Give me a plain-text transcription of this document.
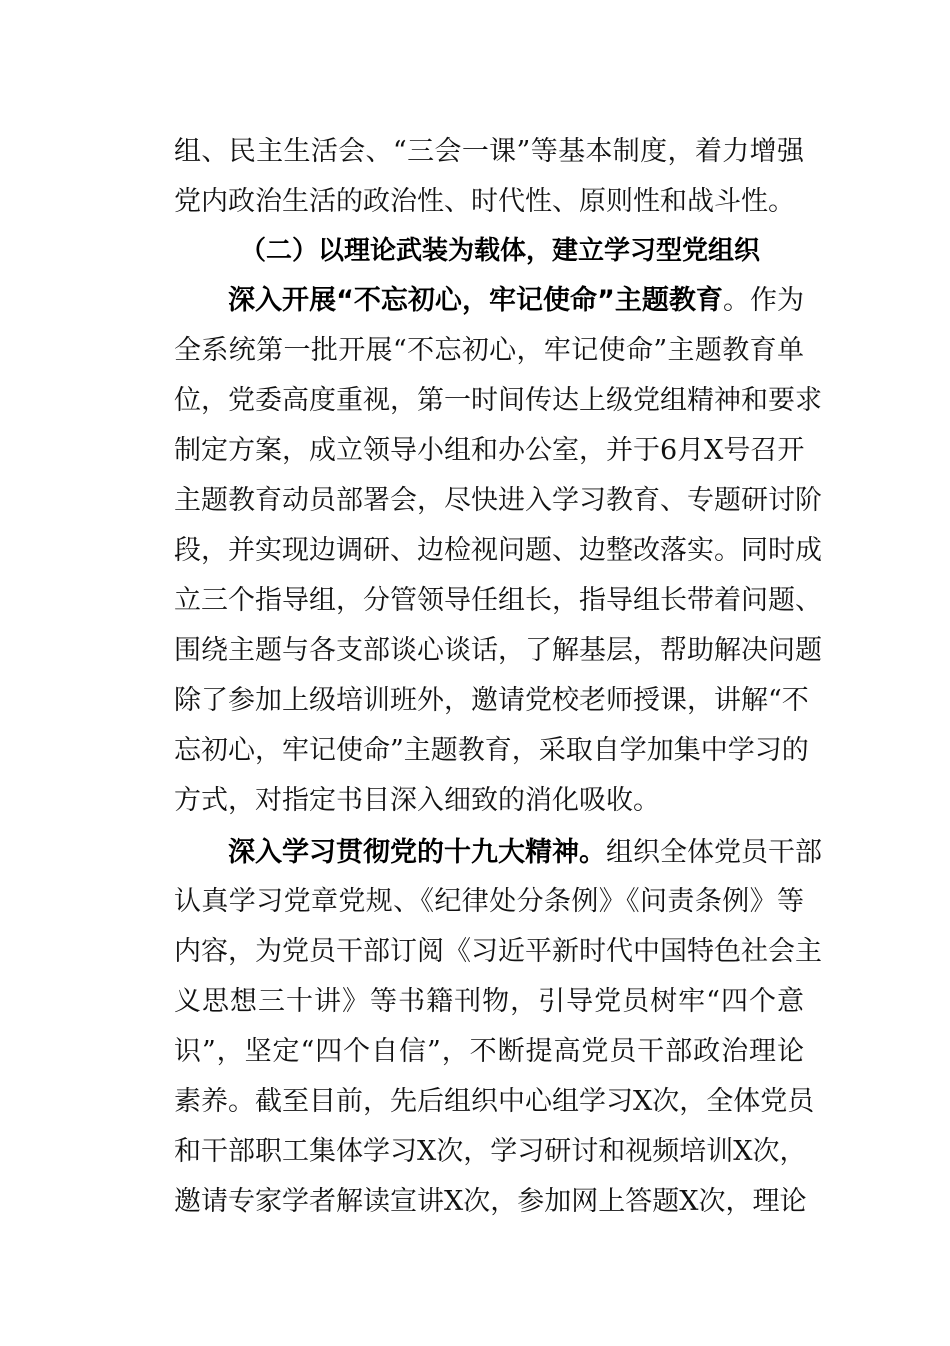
组、民主生活会、“三会一课”等基本制度，着力增强
党内政治生活的政治性、时代性、原则性和战斗性。
（二）以理论武装为载体，建立学习型党组织
深入开展“不忘初心，牢记使命”主题教育。作为
全系统第一批开展“不忘初心，牢记使命”主题教育单
位，党委高度重视，第一时间传达上级党组精神和要求
制定方案，成立领导小组和办公室，并于6月X号召开
主题教育动员部署会，尽快进入学习教育、专题研讨阶
段，并实现边调研、边检视问题、边整改落实。同时成
立三个指导组，分管领导任组长，指导组长带着问题、
围绕主题与各支部谈心谈话，了解基层，帮助解决问题
除了参加上级培训班外，邀请党校老师授课，讲解“不
忘初心，牢记使命”主题教育，采取自学加集中学习的
方式，对指定书目深入细致的消化吸收。
深入学习贯彻党的十九大精神。组织全体党员干部
认真学习党章党规、《纪律处分条例》《问责条例》等
内容，为党员干部订阅《习近平新时代中国特色社会主
义思想三十讲》等书籍刊物，引导党员树牢“四个意
识”，坚定“四个自信”，不断提高党员干部政治理论
素养。截至目前，先后组织中心组学习X次，全体党员
和干部职工集体学习X次，学习研讨和视频培训X次，
邀请专家学者解读宣讲X次，参加网上答题X次，理论
